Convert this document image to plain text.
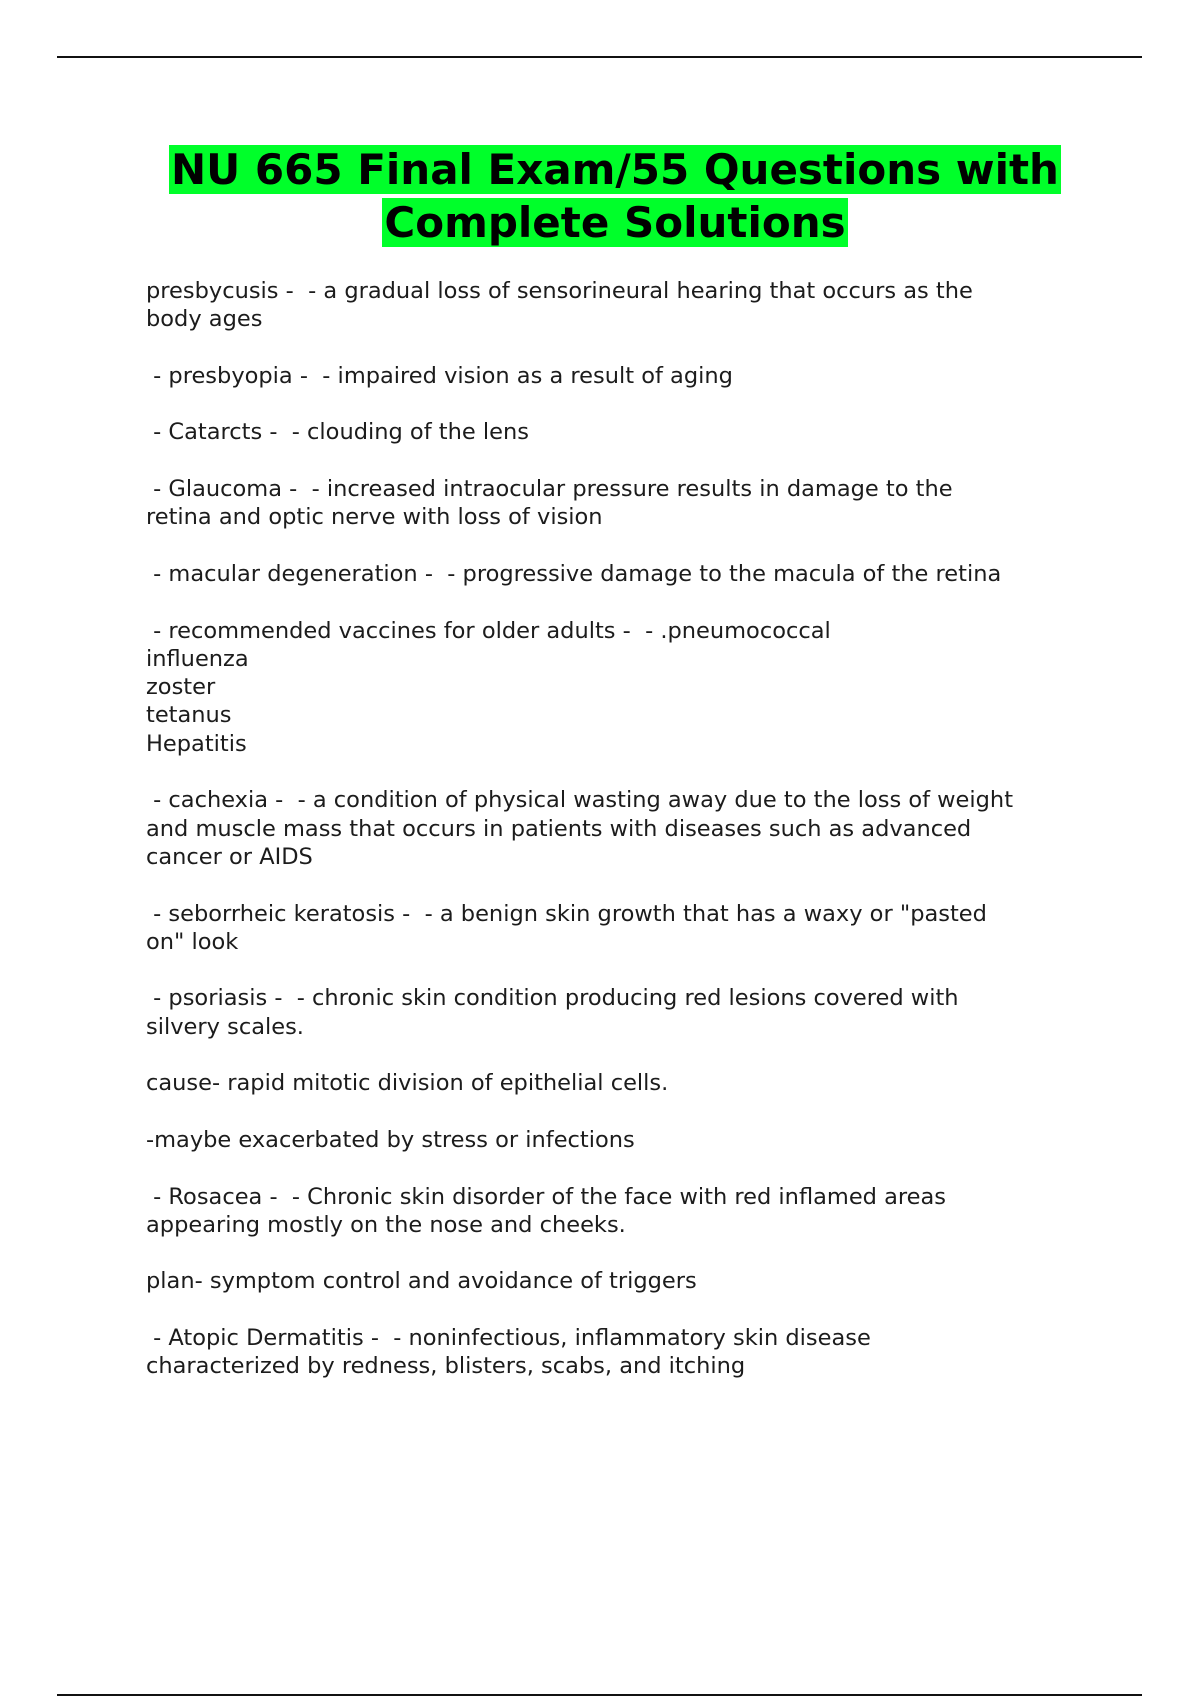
NU 665 Final Exam/55 Questions with
Complete Solutions

presbycusis -  - a gradual loss of sensorineural hearing that occurs as the
body ages

- presbyopia -  - impaired vision as a result of aging

- Catarcts -  - clouding of the lens

- Glaucoma -  - increased intraocular pressure results in damage to the
retina and optic nerve with loss of vision

- macular degeneration -  - progressive damage to the macula of the retina

- recommended vaccines for older adults -  - .pneumococcal
influenza
zoster
tetanus
Hepatitis

- cachexia -  - a condition of physical wasting away due to the loss of weight
and muscle mass that occurs in patients with diseases such as advanced
cancer or AIDS

- seborrheic keratosis -  - a benign skin growth that has a waxy or "pasted
on" look

- psoriasis -  - chronic skin condition producing red lesions covered with
silvery scales.

cause- rapid mitotic division of epithelial cells.

-maybe exacerbated by stress or infections

- Rosacea -  - Chronic skin disorder of the face with red inflamed areas
appearing mostly on the nose and cheeks.

plan- symptom control and avoidance of triggers

- Atopic Dermatitis -  - noninfectious, inflammatory skin disease
characterized by redness, blisters, scabs, and itching
